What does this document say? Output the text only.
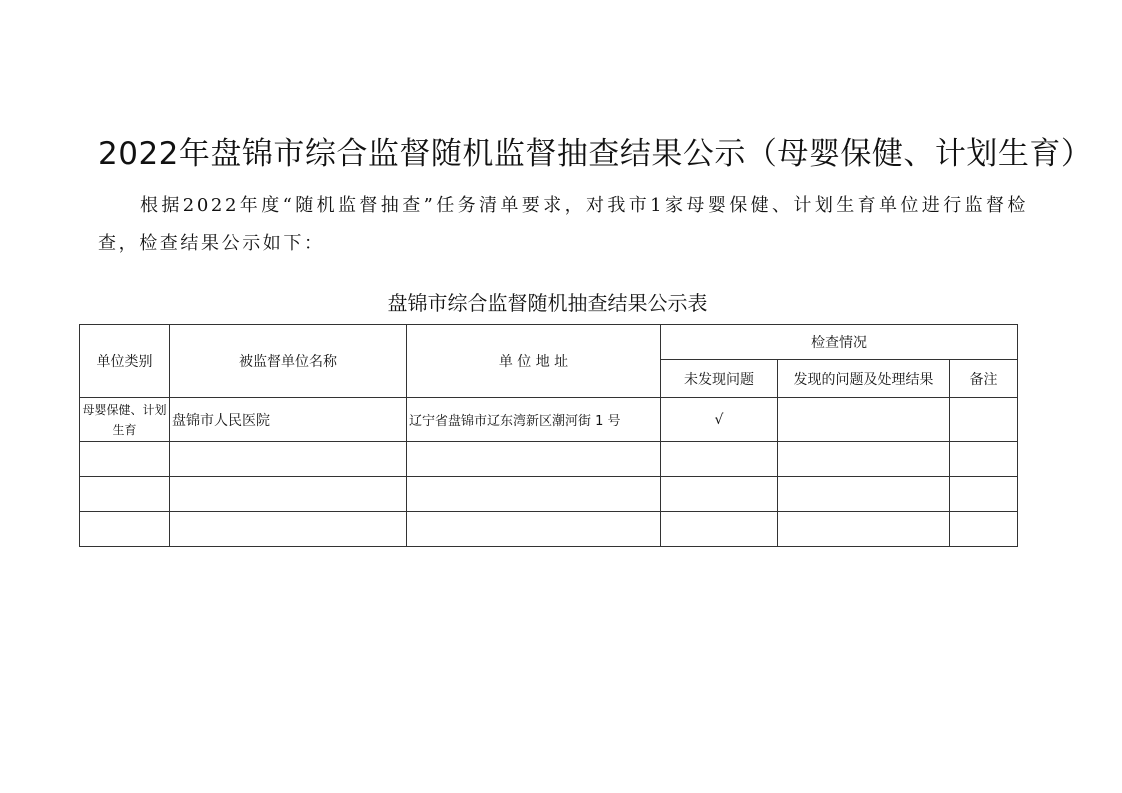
2022年盘锦市综合监督随机监督抽查结果公示（母婴保健、计划生育）
根据2022年度“随机监督抽查”任务清单要求，对我市1家母婴保健、计划生育单位进行监督检查，检查结果公示如下：
盘锦市综合监督随机抽查结果公示表
单位类别	被监督单位名称	单 位 地 址	检查情况		
			未发现问题	发现的问题及处理结果	备注
母婴保健、计划生育	盘锦市人民医院	辽宁省盘锦市辽东湾新区潮河街 1 号	√		
